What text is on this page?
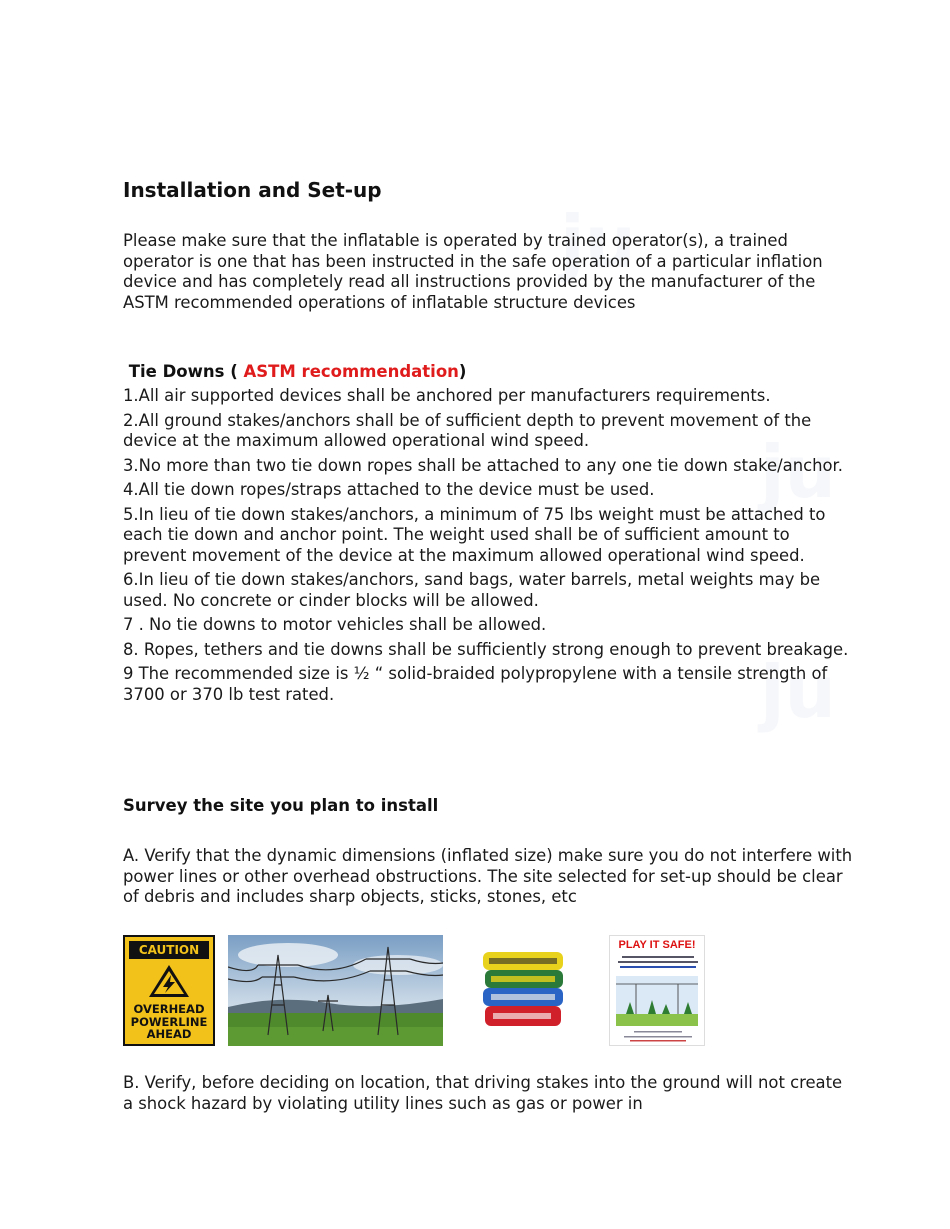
ju
ju
ju
Installation and Set-up
Please make sure that the inflatable is operated by trained operator(s), a trained operator is one that has been instructed in the safe operation of a particular inflation device and has completely read all instructions provided by the manufacturer of the ASTM recommended operations of inflatable structure devices
Tie Downs ( ASTM recommendation)
1.All air supported devices shall be anchored per manufacturers requirements.
2.All ground stakes/anchors shall be of sufficient depth to prevent movement of the device at the maximum allowed operational wind speed.
3.No more than two tie down ropes shall be attached to any one tie down stake/anchor.
4.All tie down ropes/straps attached to the device must be used.
5.In lieu of tie down stakes/anchors, a minimum of 75 lbs weight must be attached to each tie down and anchor point. The weight used shall be of sufficient amount to prevent movement of the device at the maximum allowed operational wind speed.
6.In lieu of tie down stakes/anchors, sand bags, water barrels, metal weights may be used. No concrete or cinder blocks will be allowed.
7 . No tie downs to motor vehicles shall be allowed.
8. Ropes, tethers and tie downs shall be sufficiently strong enough to prevent breakage.
9 The recommended size is ½ “ solid-braided polypropylene with a tensile strength of 3700 or 370 lb test rated.
Survey the site you plan to install
A. Verify that the dynamic dimensions (inflated size) make sure you do not interfere with power lines or other overhead obstructions. The site selected for set-up should be clear of debris and includes sharp objects, sticks, stones, etc
CAUTION
OVERHEAD POWERLINE AHEAD
PLAY IT SAFE!
B. Verify, before deciding on location, that driving stakes into the ground will not create a shock hazard by violating utility lines such as gas or power in
